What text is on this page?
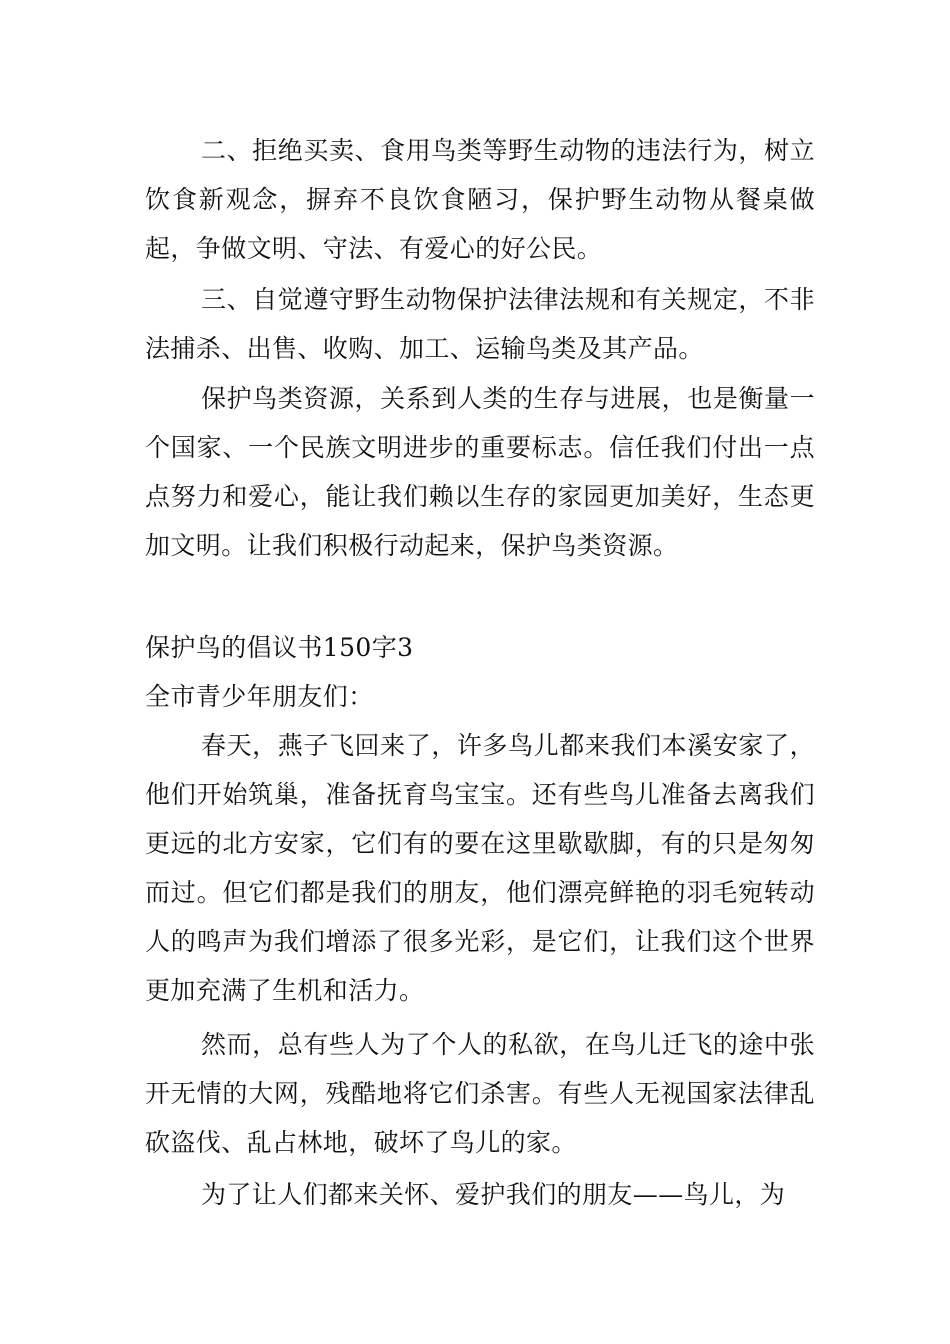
二、拒绝买卖、食用鸟类等野生动物的违法行为，树立饮食新观念，摒弃不良饮食陋习，保护野生动物从餐桌做起，争做文明、守法、有爱心的好公民。

三、自觉遵守野生动物保护法律法规和有关规定，不非法捕杀、出售、收购、加工、运输鸟类及其产品。

保护鸟类资源，关系到人类的生存与进展，也是衡量一个国家、一个民族文明进步的重要标志。信任我们付出一点点努力和爱心，能让我们赖以生存的家园更加美好，生态更加文明。让我们积极行动起来，保护鸟类资源。

保护鸟的倡议书150字3

全市青少年朋友们：

春天，燕子飞回来了，许多鸟儿都来我们本溪安家了，他们开始筑巢，准备抚育鸟宝宝。还有些鸟儿准备去离我们更远的北方安家，它们有的要在这里歇歇脚，有的只是匆匆而过。但它们都是我们的朋友，他们漂亮鲜艳的羽毛宛转动人的鸣声为我们增添了很多光彩，是它们，让我们这个世界更加充满了生机和活力。

然而，总有些人为了个人的私欲，在鸟儿迁飞的途中张开无情的大网，残酷地将它们杀害。有些人无视国家法律乱砍盗伐、乱占林地，破坏了鸟儿的家。

为了让人们都来关怀、爱护我们的朋友——鸟儿，为
